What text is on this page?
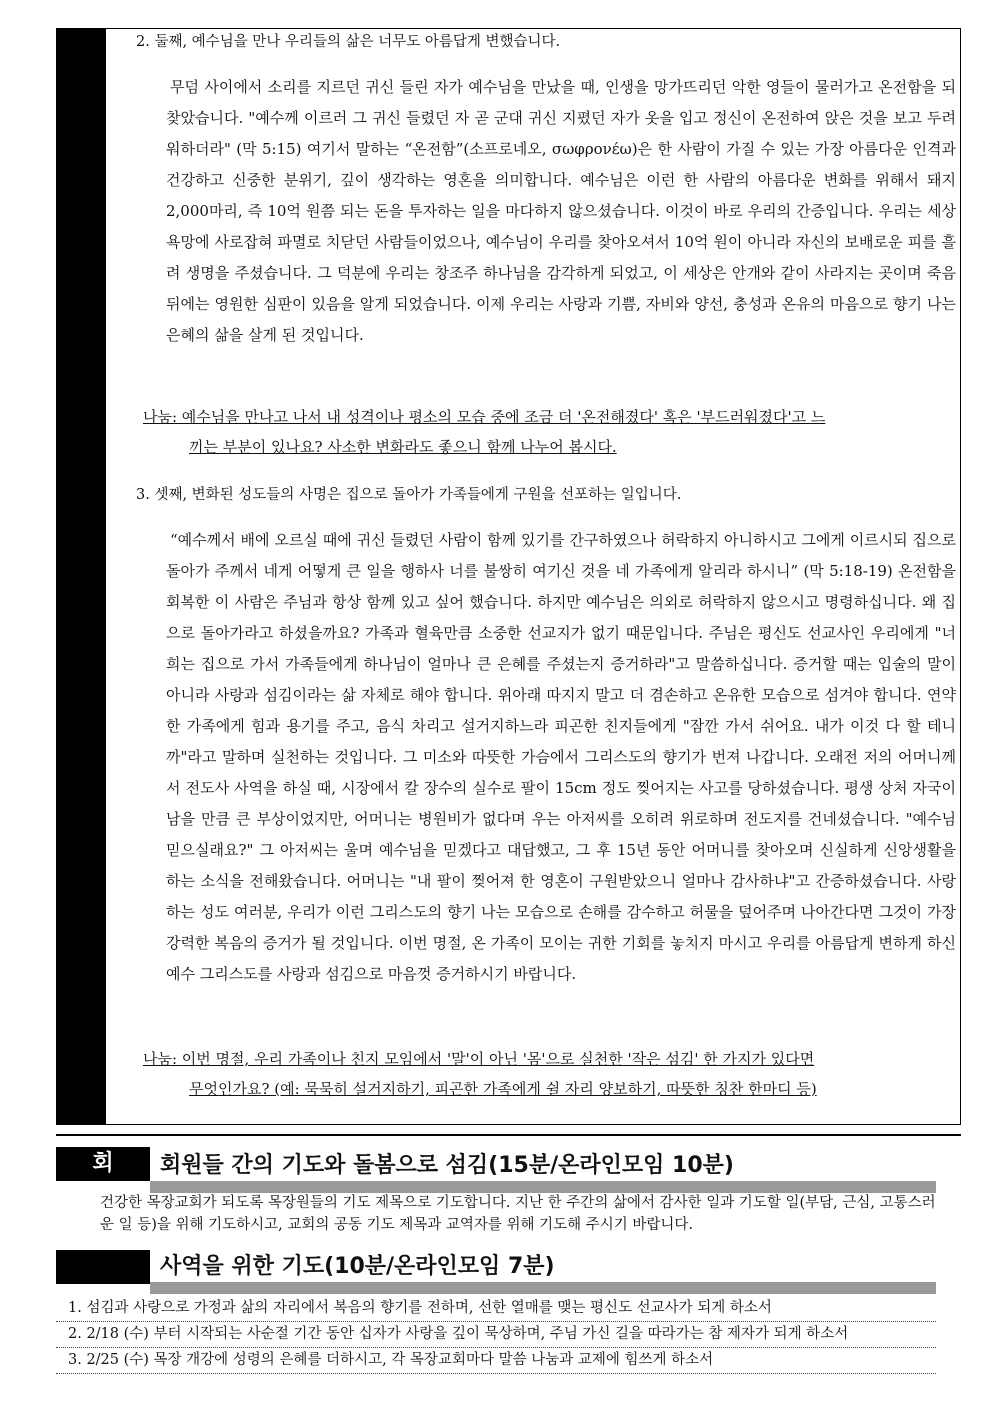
2. 둘째, 예수님을 만나 우리들의 삶은 너무도 아름답게 변했습니다.

무덤 사이에서 소리를 지르던 귀신 들린 자가 예수님을 만났을 때, 인생을 망가뜨리던 악한 영들이 물러가고 온전함을 되찾았습니다. "예수께 이르러 그 귀신 들렸던 자 곧 군대 귀신 지폈던 자가 옷을 입고 정신이 온전하여 앉은 것을 보고 두려워하더라" (막 5:15) 여기서 말하는 “온전함”(소프로네오, σωφρονέω)은 한 사람이 가질 수 있는 가장 아름다운 인격과 건강하고 신중한 분위기, 깊이 생각하는 영혼을 의미합니다. 예수님은 이런 한 사람의 아름다운 변화를 위해서 돼지 2,000마리, 즉 10억 원쯤 되는 돈을 투자하는 일을 마다하지 않으셨습니다. 이것이 바로 우리의 간증입니다. 우리는 세상 욕망에 사로잡혀 파멸로 치닫던 사람들이었으나, 예수님이 우리를 찾아오셔서 10억 원이 아니라 자신의 보배로운 피를 흘려 생명을 주셨습니다. 그 덕분에 우리는 창조주 하나님을 감각하게 되었고, 이 세상은 안개와 같이 사라지는 곳이며 죽음 뒤에는 영원한 심판이 있음을 알게 되었습니다. 이제 우리는 사랑과 기쁨, 자비와 양선, 충성과 온유의 마음으로 향기 나는 은혜의 삶을 살게 된 것입니다.

나눔: 예수님을 만나고 나서 내 성격이나 평소의 모습 중에 조금 더 '온전해졌다' 혹은 '부드러워졌다'고 느
끼는 부분이 있나요? 사소한 변화라도 좋으니 함께 나누어 봅시다.

3. 셋째, 변화된 성도들의 사명은 집으로 돌아가 가족들에게 구원을 선포하는 일입니다.

“예수께서 배에 오르실 때에 귀신 들렸던 사람이 함께 있기를 간구하였으나 허락하지 아니하시고 그에게 이르시되 집으로 돌아가 주께서 네게 어떻게 큰 일을 행하사 너를 불쌍히 여기신 것을 네 가족에게 알리라 하시니” (막 5:18-19) 온전함을 회복한 이 사람은 주님과 항상 함께 있고 싶어 했습니다. 하지만 예수님은 의외로 허락하지 않으시고 명령하십니다. 왜 집으로 돌아가라고 하셨을까요? 가족과 혈육만큼 소중한 선교지가 없기 때문입니다. 주님은 평신도 선교사인 우리에게 "너희는 집으로 가서 가족들에게 하나님이 얼마나 큰 은혜를 주셨는지 증거하라"고 말씀하십니다. 증거할 때는 입술의 말이 아니라 사랑과 섬김이라는 삶 자체로 해야 합니다. 위아래 따지지 말고 더 겸손하고 온유한 모습으로 섬겨야 합니다. 연약한 가족에게 힘과 용기를 주고, 음식 차리고 설거지하느라 피곤한 친지들에게 "잠깐 가서 쉬어요. 내가 이것 다 할 테니까"라고 말하며 실천하는 것입니다. 그 미소와 따뜻한 가슴에서 그리스도의 향기가 번져 나갑니다. 오래전 저의 어머니께서 전도사 사역을 하실 때, 시장에서 칼 장수의 실수로 팔이 15cm 정도 찢어지는 사고를 당하셨습니다. 평생 상처 자국이 남을 만큼 큰 부상이었지만, 어머니는 병원비가 없다며 우는 아저씨를 오히려 위로하며 전도지를 건네셨습니다. "예수님 믿으실래요?" 그 아저씨는 울며 예수님을 믿겠다고 대답했고, 그 후 15년 동안 어머니를 찾아오며 신실하게 신앙생활을 하는 소식을 전해왔습니다. 어머니는 "내 팔이 찢어져 한 영혼이 구원받았으니 얼마나 감사하냐"고 간증하셨습니다. 사랑하는 성도 여러분, 우리가 이런 그리스도의 향기 나는 모습으로 손해를 감수하고 허물을 덮어주며 나아간다면 그것이 가장 강력한 복음의 증거가 될 것입니다. 이번 명절, 온 가족이 모이는 귀한 기회를 놓치지 마시고 우리를 아름답게 변하게 하신 예수 그리스도를 사랑과 섬김으로 마음껏 증거하시기 바랍니다.

나눔: 이번 명절, 우리 가족이나 친지 모임에서 '말'이 아닌 '몸'으로 실천한 '작은 섬김' 한 가지가 있다면
무엇인가요? (예: 묵묵히 설거지하기, 피곤한 가족에게 쉴 자리 양보하기, 따뜻한 칭찬 한마디 등)

회	회원들 간의 기도와 돌봄으로 섬김(15분/온라인모임 10분)

건강한 목장교회가 되도록 목장원들의 기도 제목으로 기도합니다. 지난 한 주간의 삶에서 감사한 일과 기도할 일(부담, 근심, 고통스러운 일 등)을 위해 기도하시고, 교회의 공동 기도 제목과 교역자를 위해 기도해 주시기 바랍니다.

사역을 위한 기도(10분/온라인모임 7분)
1. 섬김과 사랑으로 가정과 삶의 자리에서 복음의 향기를 전하며, 선한 열매를 맺는 평신도 선교사가 되게 하소서
2. 2/18 (수) 부터 시작되는 사순절 기간 동안 십자가 사랑을 깊이 묵상하며, 주님 가신 길을 따라가는 참 제자가 되게 하소서
3. 2/25 (수) 목장 개강에 성령의 은혜를 더하시고, 각 목장교회마다 말씀 나눔과 교제에 힘쓰게 하소서
